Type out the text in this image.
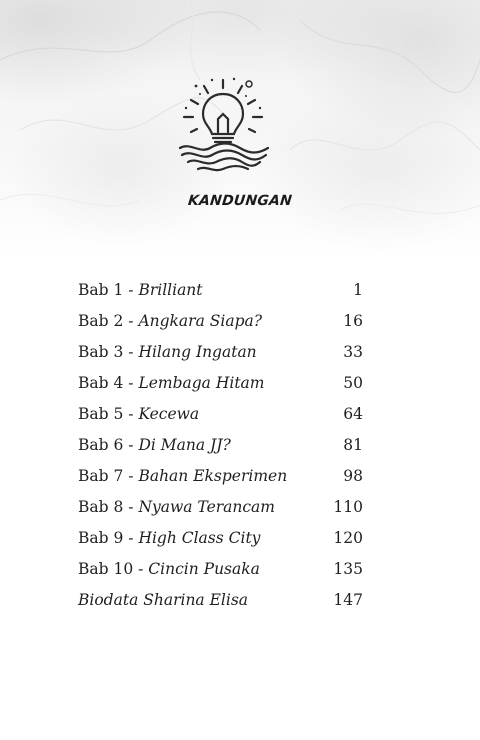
KANDUNGAN
Bab 1 - Brilliant	1
Bab 2 - Angkara Siapa?	16
Bab 3 - Hilang Ingatan	33
Bab 4 - Lembaga Hitam	50
Bab 5 - Kecewa	64
Bab 6 - Di Mana JJ?	81
Bab 7 - Bahan Eksperimen	98
Bab 8 - Nyawa Terancam	110
Bab 9 - High Class City	120
Bab 10 - Cincin Pusaka	135
Biodata Sharina Elisa	147
